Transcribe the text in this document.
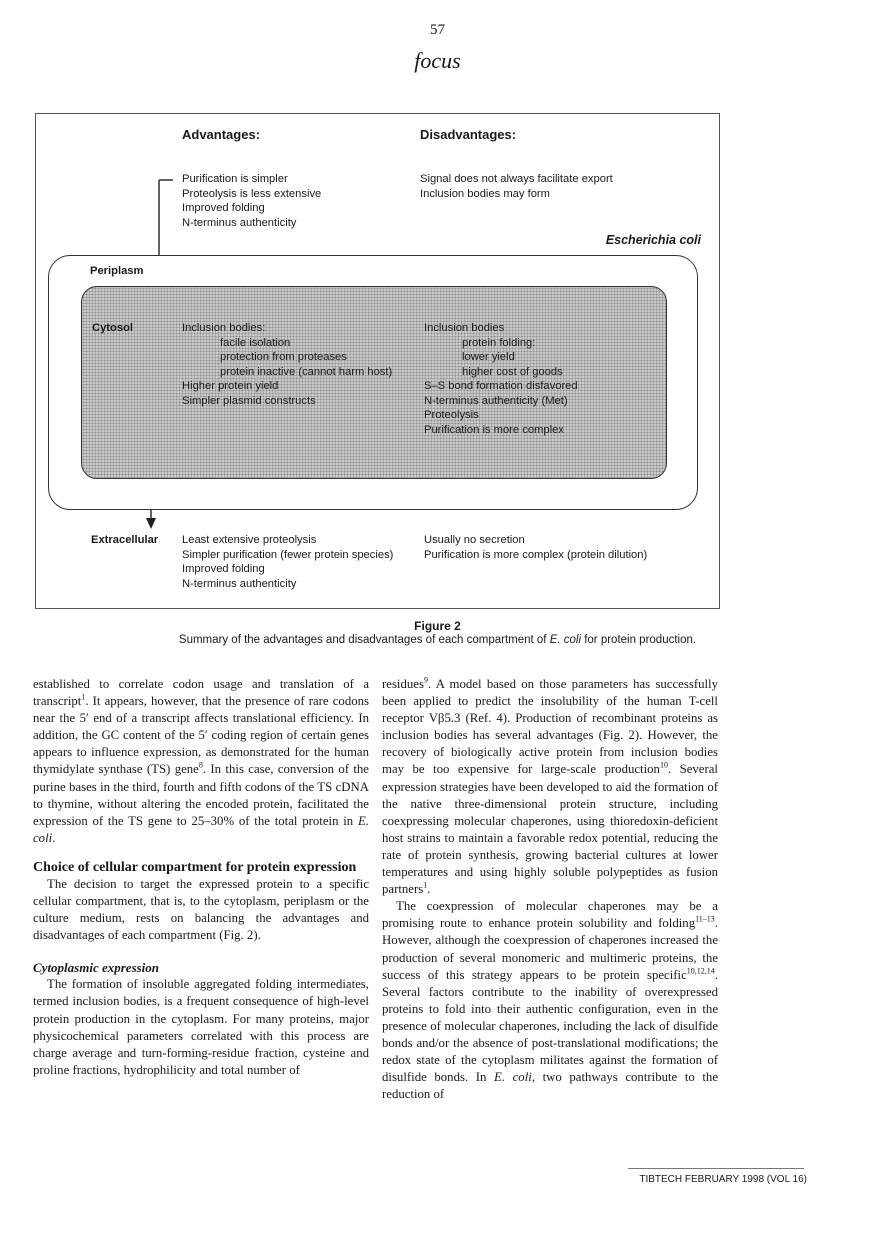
57
focus
Advantages:	Disadvantages:
Purification is simpler
Proteolysis is less extensive
Improved folding
N-terminus authenticity
Signal does not always facilitate export
Inclusion bodies may form
Escherichia coli
Periplasm
Cytosol	Inclusion bodies:
facile isolation
protection from proteases
protein inactive (cannot harm host)
Higher protein yield
Simpler plasmid constructs
Inclusion bodies
protein folding:
lower yield
higher cost of goods
S–S bond formation disfavored
N-terminus authenticity (Met)
Proteolysis
Purification is more complex
Extracellular Least extensive proteolysis
Simpler purification (fewer protein species)
Improved folding
N-terminus authenticity
Usually no secretion
Purification is more complex (protein dilution)
Figure 2
Summary of the advantages and disadvantages of each compartment of E. coli for protein production.

established to correlate codon usage and translation of a transcript$^1$. It appears, however, that the presence of rare codons near the 5′ end of a transcript affects translational efficiency. In addition, the GC content of the 5′ coding region of certain genes appears to influence expression, as demonstrated for the human thymidylate synthase (TS) gene$^8$. In this case, conversion of the purine bases in the third, fourth and fifth codons of the TS cDNA to thymine, without altering the encoded protein, facilitated the expression of the TS gene to 25–30% of the total protein in E. coli.

Choice of cellular compartment for protein expression

The decision to target the expressed protein to a specific cellular compartment, that is, to the cytoplasm, periplasm or the culture medium, rests on balancing the advantages and disadvantages of each compartment (Fig. 2).

Cytoplasmic expression

The formation of insoluble aggregated folding intermediates, termed inclusion bodies, is a frequent consequence of high-level protein production in the cytoplasm. For many proteins, major physicochemical parameters correlated with this process are charge average and turn-forming-residue fraction, cysteine and proline fractions, hydrophilicity and total number of

residues$^9$. A model based on those parameters has successfully been applied to predict the insolubility of the human T-cell receptor Vβ5.3 (Ref. 4). Production of recombinant proteins as inclusion bodies has several advantages (Fig. 2). However, the recovery of biologically active protein from inclusion bodies may be too expensive for large-scale production$^{10}$. Several expression strategies have been developed to aid the formation of the native three-dimensional protein structure, including coexpressing molecular chaperones, using thioredoxin-deficient host strains to maintain a favorable redox potential, reducing the rate of protein synthesis, growing bacterial cultures at lower temperatures and using highly soluble polypeptides as fusion partners$^1$.

The coexpression of molecular chaperones may be a promising route to enhance protein solubility and folding$^{11-13}$. However, although the coexpression of chaperones increased the production of several monomeric and multimeric proteins, the success of this strategy appears to be protein specific$^{10,12,14}$. Several factors contribute to the inability of overexpressed proteins to fold into their authentic configuration, even in the presence of molecular chaperones, including the lack of disulfide bonds and/or the absence of post-translational modifications; the redox state of the cytoplasm militates against the formation of disulfide bonds. In E. coli, two pathways contribute to the reduction of

TIBTECH FEBRUARY 1998 (VOL 16)
